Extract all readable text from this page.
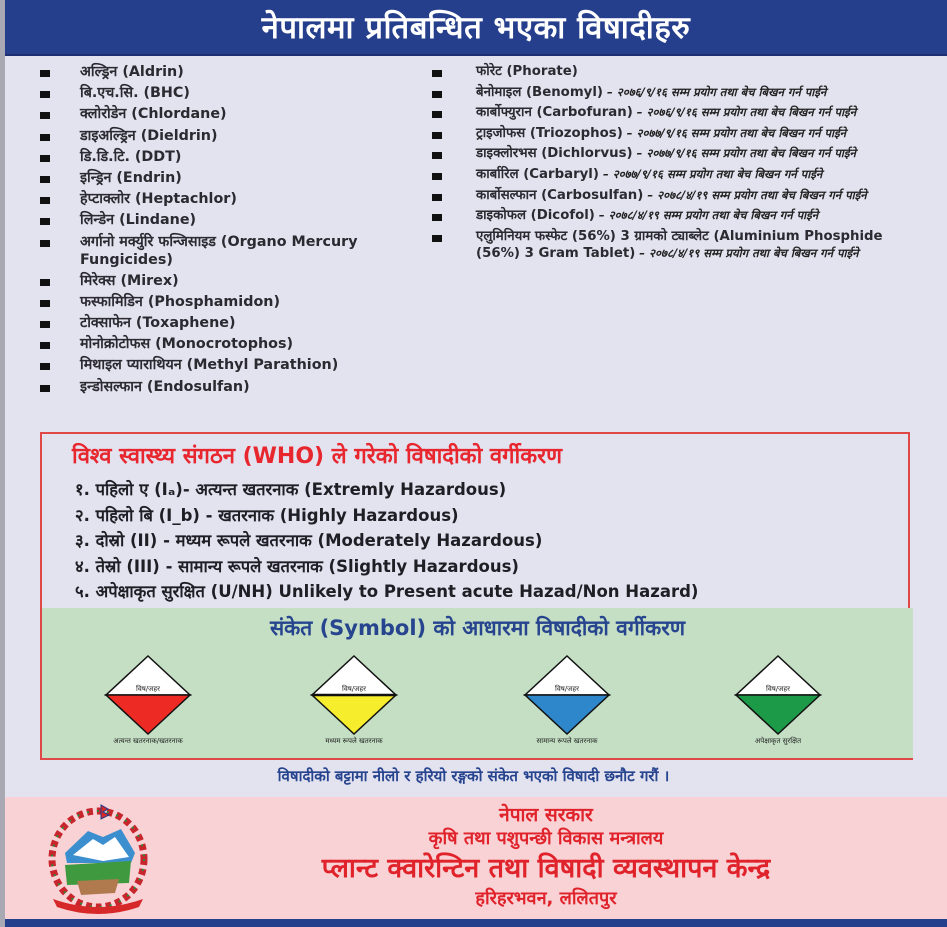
नेपालमा प्रतिबन्धित भएका विषादीहरु
अल्ड्रिन (Aldrin)
बि.एच.सि. (BHC)
क्लोरोडेन (Chlordane)
डाइअल्ड्रिन (Dieldrin)
डि.डि.टि. (DDT)
इन्ड्रिन (Endrin)
हेप्टाक्लोर (Heptachlor)
लिन्डेन (Lindane)
अर्गानो मर्क्युरि फन्जिसाइड (Organo Mercury Fungicides)
मिरेक्स (Mirex)
फस्फामिडिन (Phosphamidon)
टोक्साफेन (Toxaphene)
मोनोक्रोटोफस (Monocrotophos)
मिथाइल प्याराथियन (Methyl Parathion)
इन्डोसल्फान (Endosulfan)
फोरेट (Phorate)
बेनोमाइल (Benomyl) – २०७६/९/१६ सम्म प्रयोग तथा बेच बिखन गर्न पाईने
कार्बोफ्युरान (Carbofuran) – २०७६/९/१६ सम्म प्रयोग तथा बेच बिखन गर्न पाईने
ट्राइजोफस (Triozophos) – २०७७/९/१६ सम्म प्रयोग तथा बेच बिखन गर्न पाईने
डाइक्लोरभस (Dichlorvus) – २०७७/९/१६ सम्म प्रयोग तथा बेच बिखन गर्न पाईने
कार्बारिल (Carbaryl) – २०७७/९/१६ सम्म प्रयोग तथा बेच बिखन गर्न पाईने
कार्बोसल्फान (Carbosulfan) – २०७८/४/१९ सम्म प्रयोग तथा बेच बिखन गर्न पाईने
डाइकोफल (Dicofol) – २०७८/४/१९ सम्म प्रयोग तथा बेच बिखन गर्न पाईने
एलुमिनियम फस्फेट (56%) 3 ग्रामको ट्याब्लेट (Aluminium Phosphide (56%) 3 Gram Tablet) – २०७८/४/१९ सम्म प्रयोग तथा बेच बिखन गर्न पाईने
विश्व स्वास्थ्य संगठन (WHO) ले गरेको विषादीको वर्गीकरण
१. पहिलो ए (Iₐ)- अत्यन्त खतरनाक (Extremly Hazardous)
२. पहिलो बि (I_b) - खतरनाक (Highly Hazardous)
३. दोस्रो (II) - मध्यम रूपले खतरनाक (Moderately Hazardous)
४. तेस्रो (III) - सामान्य रूपले खतरनाक (Slightly Hazardous)
५. अपेक्षाकृत सुरक्षित (U/NH) Unlikely to Present acute Hazad/Non Hazard)
संकेत (Symbol) को आधारमा विषादीको वर्गीकरण
विष/जहर
अत्यन्त खतरनाक/खतरनाक
विष/जहर
मध्यम रूपले खतरनाक
विष/जहर
सामान्य रूपले खतरनाक
विष/जहर
अपेक्षाकृत सुरक्षित
विषादीको बट्टामा नीलो र हरियो रङ्गको संकेत भएको विषादी छनौट गरौं ।
नेपाल सरकार
कृषि तथा पशुपन्छी विकास मन्त्रालय
प्लान्ट क्वारेन्टिन तथा विषादी व्यवस्थापन केन्द्र
हरिहरभवन, ललितपुर
